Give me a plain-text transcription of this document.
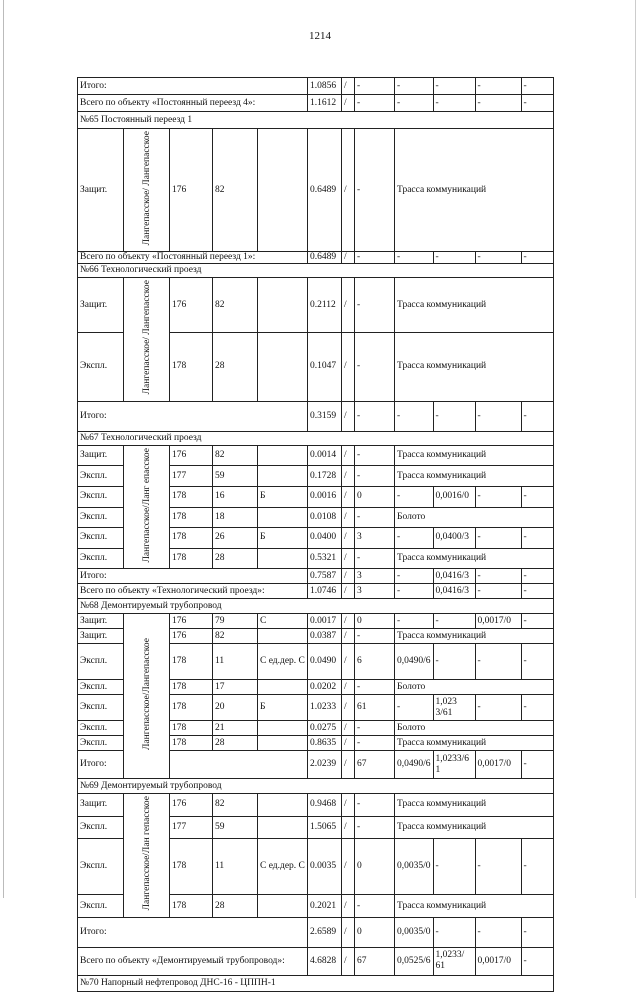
1214
Итого:					1.0856	/	-	-	-	-	-
Всего по объекту «Постоянный переезд 4»:					1.1612	/	-	-	-	-	-
№65 Постоянный переезд 1											
Защит.	Лангепасское/ Лангепасское	176	82		0.6489	/	-	Трасса коммуникаций			
Всего по объекту «Постоянный переезд 1»:					0.6489	/	-	-	-	-	-
№66 Технологический проезд											
Защит.	Лангепасское/ Лангепасское	176	82		0.2112	/	-	Трасса коммуникаций			
Экспл.		178	28		0.1047	/	-	Трасса коммуникаций			
Итого:					0.3159	/	-	-	-	-	-
№67 Технологический проезд											
Защит.	Лангепасское/Ланг епасское	176	82		0.0014	/	-	Трасса коммуникаций			
Экспл.		177	59		0.1728	/	-	Трасса коммуникаций			
Экспл.		178	16	Б	0.0016	/	0	-	0,0016/0	-	-
Экспл.		178	18		0.0108	/	-	Болото			
Экспл.		178	26	Б	0.0400	/	3	-	0,0400/3	-	-
Экспл.		178	28		0.5321	/	-	Трасса коммуникаций			
Итого:					0.7587	/	3	-	0,0416/3	-	-
Всего по объекту «Технологический проезд»:					1.0746	/	3	-	0,0416/3	-	-
№68 Демонтируемый трубопровод											
Защит.	Лангепасское/Лангепасское	176	79	С	0.0017	/	0	-	-	0,0017/0	-
Защит.		176	82		0.0387	/	-	Трасса коммуникаций			
Экспл.		178	11	С ед.дер. С	0.0490	/	6	0,0490/6	-	-	-
Экспл.		178	17		0.0202	/	-	Болото			
Экспл.		178	20	Б	1.0233	/	61	-	1,023 3/61	-	-
Экспл.		178	21		0.0275	/	-	Болото			
Экспл.		178	28		0.8635	/	-	Трасса коммуникаций			
Итого:					2.0239	/	67	0,0490/6	1,0233/6 1	0,0017/0	-
№69 Демонтируемый трубопровод											
Защит.	Лангепасское/Лан гепасское	176	82		0.9468	/	-	Трасса коммуникаций			
Экспл.		177	59		1.5065	/	-	Трасса коммуникаций			
Экспл.		178	11	С ед.дер. С	0.0035	/	0	0,0035/0	-	-	-
Экспл.		178	28		0.2021	/	-	Трасса коммуникаций			
Итого:					2.6589	/	0	0,0035/0	-	-	-
Всего по объекту «Демонтируемый трубопровод»:					4.6828	/	67	0,0525/6	1,0233/ 61	0,0017/0	-
№70 Напорный нефтепровод ДНС-16 - ЦППН-1											
